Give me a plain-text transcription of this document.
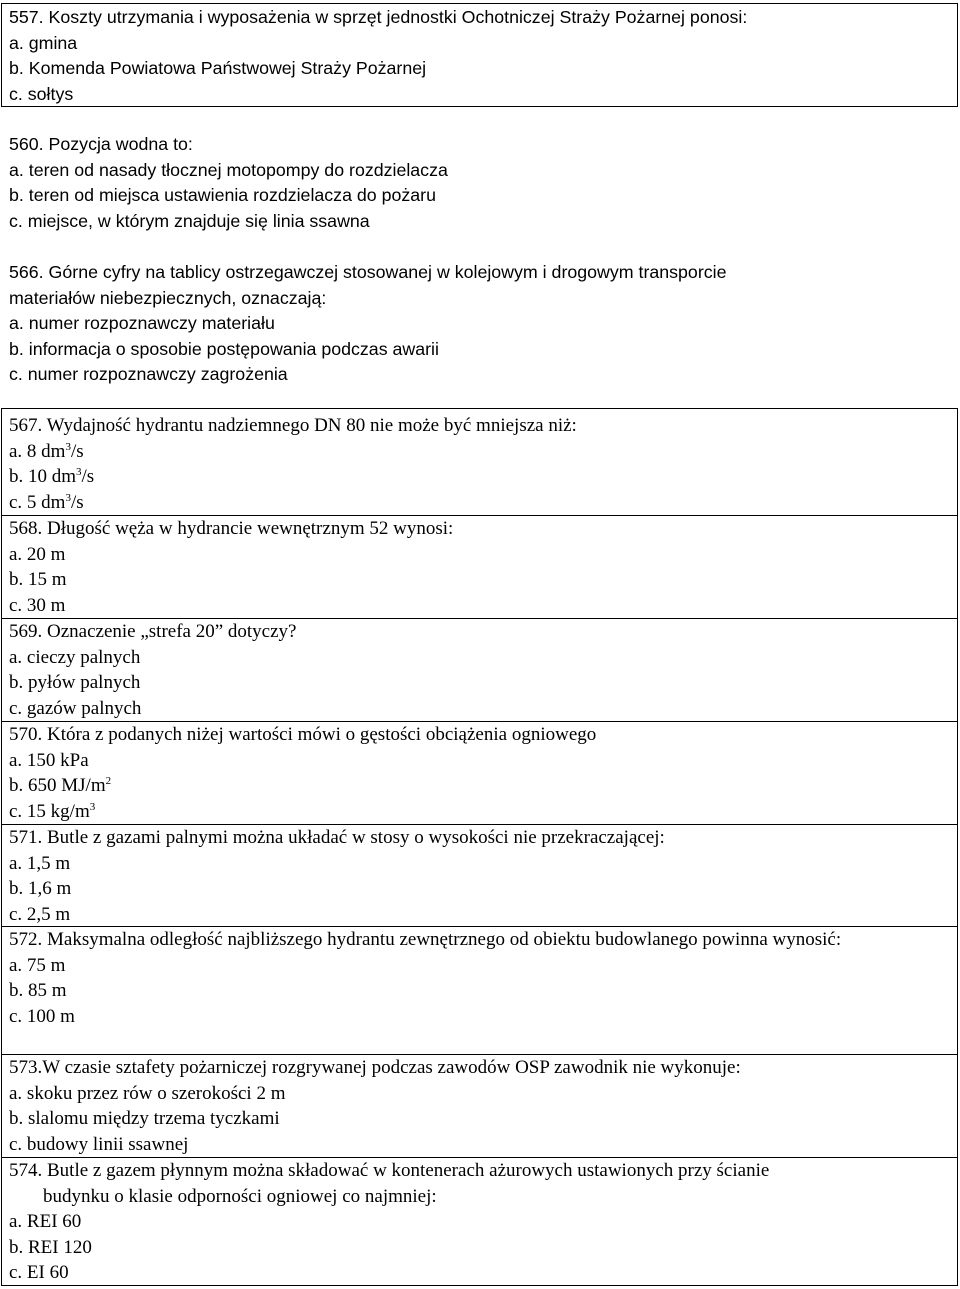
557. Koszty utrzymania i wyposażenia w sprzęt jednostki Ochotniczej Straży Pożarnej ponosi:
a. gmina
b. Komenda Powiatowa Państwowej Straży Pożarnej
c. sołtys
560. Pozycja wodna to:
a. teren od nasady tłocznej motopompy do rozdzielacza
b. teren od miejsca ustawienia rozdzielacza do pożaru
c. miejsce, w którym znajduje się linia ssawna
566. Górne cyfry na tablicy ostrzegawczej stosowanej w kolejowym i drogowym transporcie
materiałów niebezpiecznych, oznaczają:
a. numer rozpoznawczy materiału
b. informacja o sposobie postępowania podczas awarii
c. numer rozpoznawczy zagrożenia
567. Wydajność hydrantu nadziemnego DN 80 nie może być mniejsza niż:
a. 8 $dm^3/s$
b. 10 $dm^3/s$
c. 5 $dm^3/s$
568. Długość węża w hydrancie wewnętrznym 52 wynosi:
a. 20 m
b. 15 m
c. 30 m
569. Oznaczenie „strefa 20” dotyczy?
a. cieczy palnych
b. pyłów palnych
c. gazów palnych
570. Która z podanych niżej wartości mówi o gęstości obciążenia ogniowego
a. 150 kPa
b. 650 $MJ/m^2$
c. 15 $kg/m^3$
571. Butle z gazami palnymi można układać w stosy o wysokości nie przekraczającej:
a. 1,5 m
b. 1,6 m
c. 2,5 m
572. Maksymalna odległość najbliższego hydrantu zewnętrznego od obiektu budowlanego powinna wynosić:
a. 75 m
b. 85 m
c. 100 m
573.W czasie sztafety pożarniczej rozgrywanej podczas zawodów OSP zawodnik nie wykonuje:
a. skoku przez rów o szerokości 2 m
b. slalomu między trzema tyczkami
c. budowy linii ssawnej
574. Butle z gazem płynnym można składować w kontenerach ażurowych ustawionych przy ścianie
budynku o klasie odporności ogniowej co najmniej:
a. REI 60
b. REI 120
c. EI 60
